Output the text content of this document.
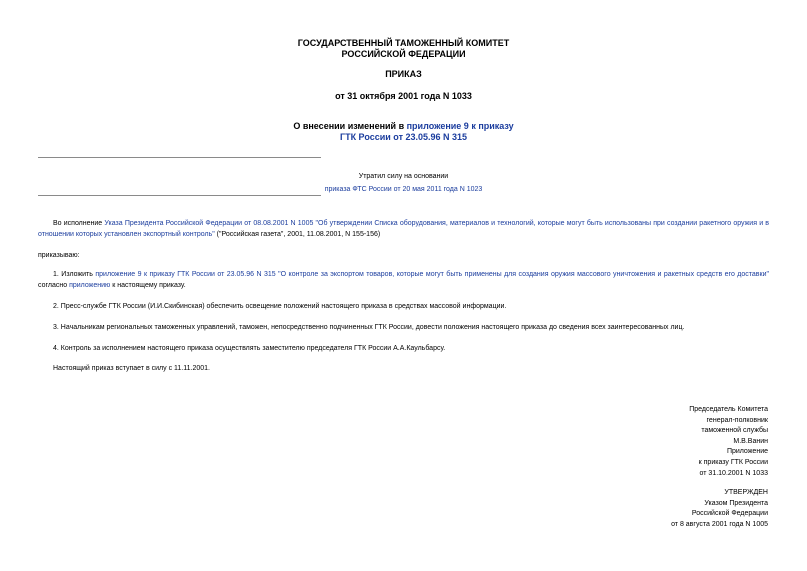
ГОСУДАРСТВЕННЫЙ ТАМОЖЕННЫЙ КОМИТЕТ
РОССИЙСКОЙ ФЕДЕРАЦИИ
ПРИКАЗ
от 31 октября 2001 года N 1033
О внесении изменений в приложение 9 к приказу
ГТК России от 23.05.96 N 315
Утратил силу на основании
приказа ФТС России от 20 мая 2011 года N 1023
Во исполнение Указа Президента Российской Федерации от 08.08.2001 N 1005 "Об утверждении Списка оборудования, материалов и технологий, которые могут быть использованы при создании ракетного оружия и в отношении которых установлен экспортный контроль" ("Российская газета", 2001, 11.08.2001, N 155-156)
приказываю:
1. Изложить приложение 9 к приказу ГТК России от 23.05.96 N 315 "О контроле за экспортом товаров, которые могут быть применены для создания оружия массового уничтожения и ракетных средств его доставки" согласно приложению к настоящему приказу.
2. Пресс-службе ГТК России (И.И.Скибинская) обеспечить освещение положений настоящего приказа в средствах массовой информации.
3. Начальникам региональных таможенных управлений, таможен, непосредственно подчиненных ГТК России, довести положения настоящего приказа до сведения всех заинтересованных лиц.
4. Контроль за исполнением настоящего приказа осуществлять заместителю председателя ГТК России А.А.Каульбарсу.
Настоящий приказ вступает в силу с 11.11.2001.
Председатель Комитета
генерал-полковник
таможенной службы
М.В.Ванин
Приложение
к приказу ГТК России
от 31.10.2001 N 1033
УТВЕРЖДЕН
Указом Президента
Российской Федерации
от 8 августа 2001 года N 1005
